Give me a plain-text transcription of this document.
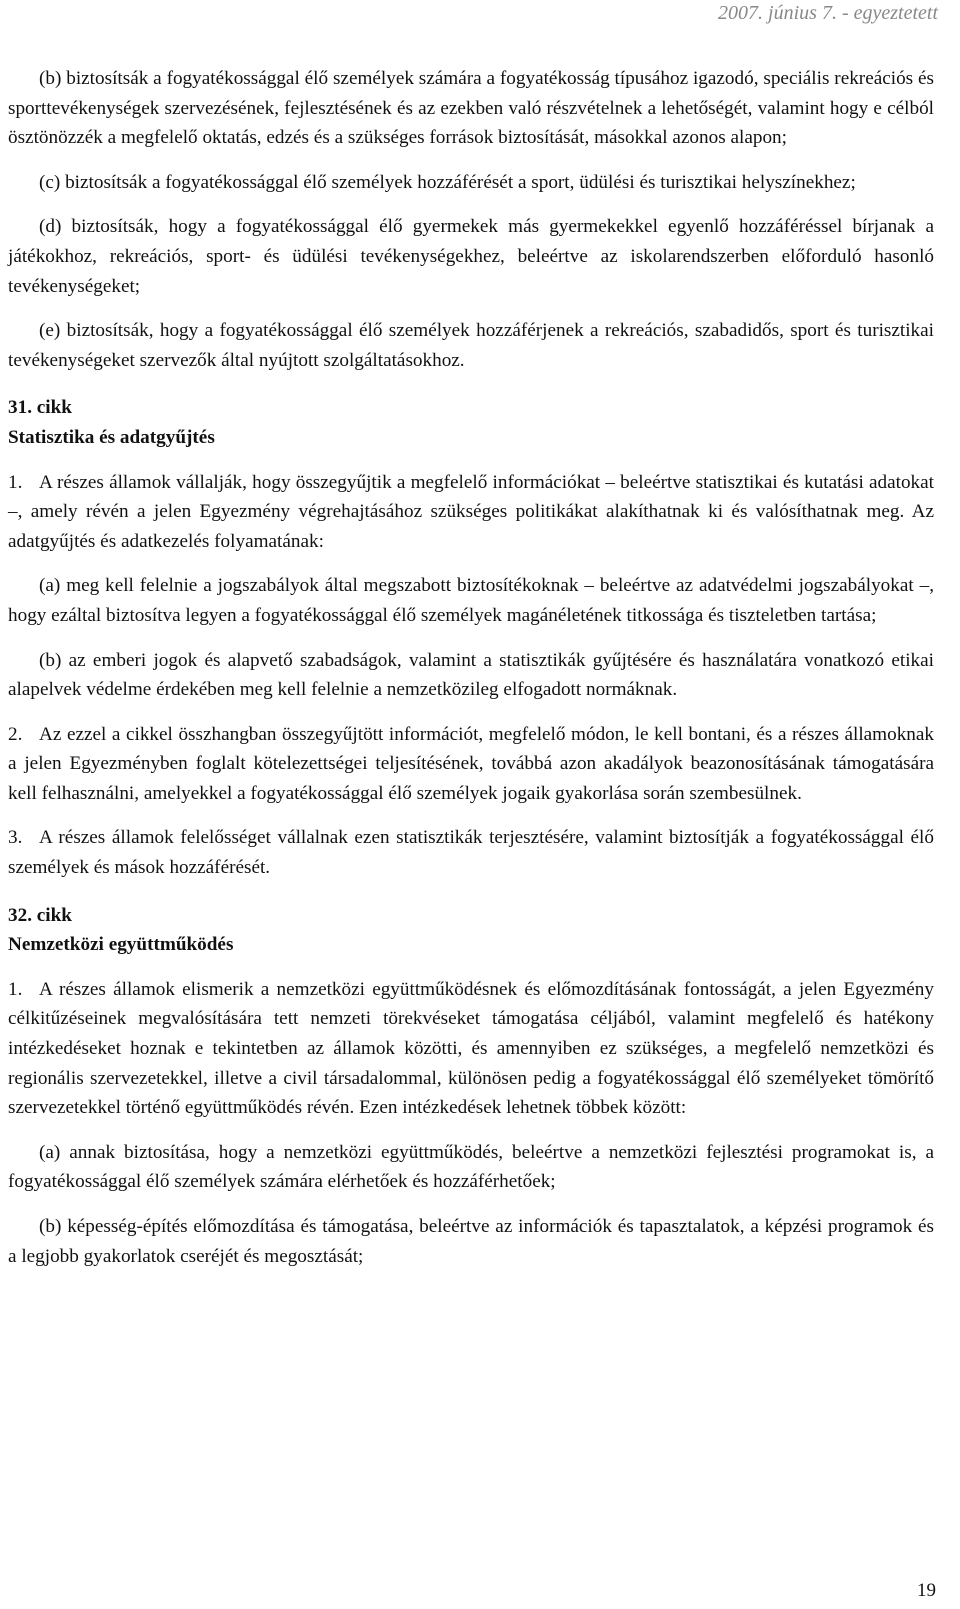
2007. június 7. - egyeztetett

(b) biztosítsák a fogyatékossággal élő személyek számára a fogyatékosság típusához igazodó, speciális rekreációs és sporttevékenységek szervezésének, fejlesztésének és az ezekben való részvételnek a lehetőségét, valamint hogy e célból ösztönözzék a megfelelő oktatás, edzés és a szükséges források biztosítását, másokkal azonos alapon;

(c) biztosítsák a fogyatékossággal élő személyek hozzáférését a sport, üdülési és turisztikai helyszínekhez;

(d) biztosítsák, hogy a fogyatékossággal élő gyermekek más gyermekekkel egyenlő hozzáféréssel bírjanak a játékokhoz, rekreációs, sport- és üdülési tevékenységekhez, beleértve az iskolarendszerben előforduló hasonló tevékenységeket;

(e) biztosítsák, hogy a fogyatékossággal élő személyek hozzáférjenek a rekreációs, szabadidős, sport és turisztikai tevékenységeket szervezők által nyújtott szolgáltatásokhoz.

31. cikk

Statisztika és adatgyűjtés

1. A részes államok vállalják, hogy összegyűjtik a megfelelő információkat – beleértve statisztikai és kutatási adatokat –, amely révén a jelen Egyezmény végrehajtásához szükséges politikákat alakíthatnak ki és valósíthatnak meg. Az adatgyűjtés és adatkezelés folyamatának:

(a) meg kell felelnie a jogszabályok által megszabott biztosítékoknak – beleértve az adatvédelmi jogszabályokat –, hogy ezáltal biztosítva legyen a fogyatékossággal élő személyek magánéletének titkossága és tiszteletben tartása;

(b) az emberi jogok és alapvető szabadságok, valamint a statisztikák gyűjtésére és használatára vonatkozó etikai alapelvek védelme érdekében meg kell felelnie a nemzetközileg elfogadott normáknak.

2. Az ezzel a cikkel összhangban összegyűjtött információt, megfelelő módon, le kell bontani, és a részes államoknak a jelen Egyezményben foglalt kötelezettségei teljesítésének, továbbá azon akadályok beazonosításának támogatására kell felhasználni, amelyekkel a fogyatékossággal élő személyek jogaik gyakorlása során szembesülnek.

3. A részes államok felelősséget vállalnak ezen statisztikák terjesztésére, valamint biztosítják a fogyatékossággal élő személyek és mások hozzáférését.

32. cikk

Nemzetközi együttműködés

1. A részes államok elismerik a nemzetközi együttműködésnek és előmozdításának fontosságát, a jelen Egyezmény célkitűzéseinek megvalósítására tett nemzeti törekvéseket támogatása céljából, valamint megfelelő és hatékony intézkedéseket hoznak e tekintetben az államok közötti, és amennyiben ez szükséges, a megfelelő nemzetközi és regionális szervezetekkel, illetve a civil társadalommal, különösen pedig a fogyatékossággal élő személyeket tömörítő szervezetekkel történő együttműködés révén. Ezen intézkedések lehetnek többek között:

(a) annak biztosítása, hogy a nemzetközi együttműködés, beleértve a nemzetközi fejlesztési programokat is, a fogyatékossággal élő személyek számára elérhetőek és hozzáférhetőek;

(b) képesség-építés előmozdítása és támogatása, beleértve az információk és tapasztalatok, a képzési programok és a legjobb gyakorlatok cseréjét és megosztását;

19
